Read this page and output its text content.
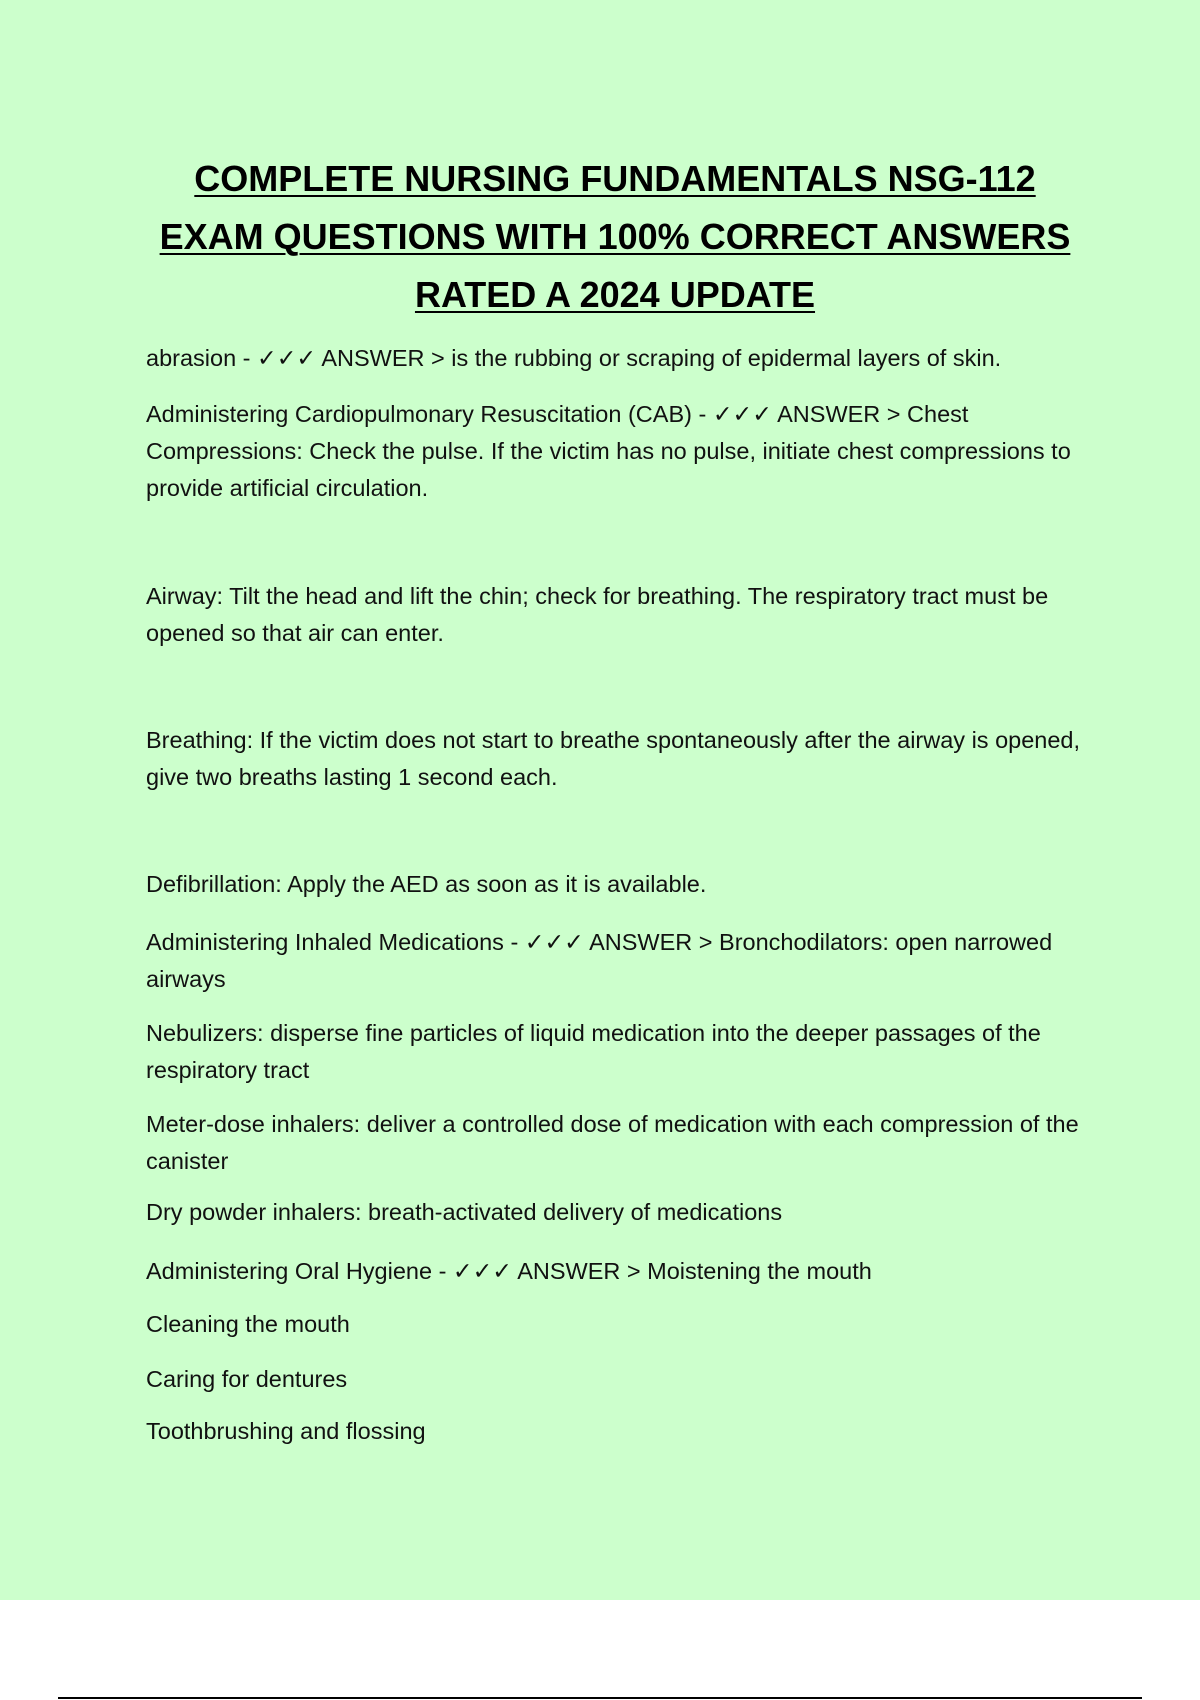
COMPLETE NURSING FUNDAMENTALS NSG-112
EXAM QUESTIONS WITH 100% CORRECT ANSWERS
RATED A 2024 UPDATE

abrasion - ✓✓✓ ANSWER > is the rubbing or scraping of epidermal layers of skin.

Administering Cardiopulmonary Resuscitation (CAB) - ✓✓✓ ANSWER > Chest Compressions: Check the pulse. If the victim has no pulse, initiate chest compressions to provide artificial circulation.

Airway: Tilt the head and lift the chin; check for breathing. The respiratory tract must be opened so that air can enter.

Breathing: If the victim does not start to breathe spontaneously after the airway is opened, give two breaths lasting 1 second each.

Defibrillation: Apply the AED as soon as it is available.

Administering Inhaled Medications - ✓✓✓ ANSWER > Bronchodilators: open narrowed airways

Nebulizers: disperse fine particles of liquid medication into the deeper passages of the respiratory tract

Meter-dose inhalers: deliver a controlled dose of medication with each compression of the canister

Dry powder inhalers: breath-activated delivery of medications

Administering Oral Hygiene - ✓✓✓ ANSWER > Moistening the mouth

Cleaning the mouth

Caring for dentures

Toothbrushing and flossing
